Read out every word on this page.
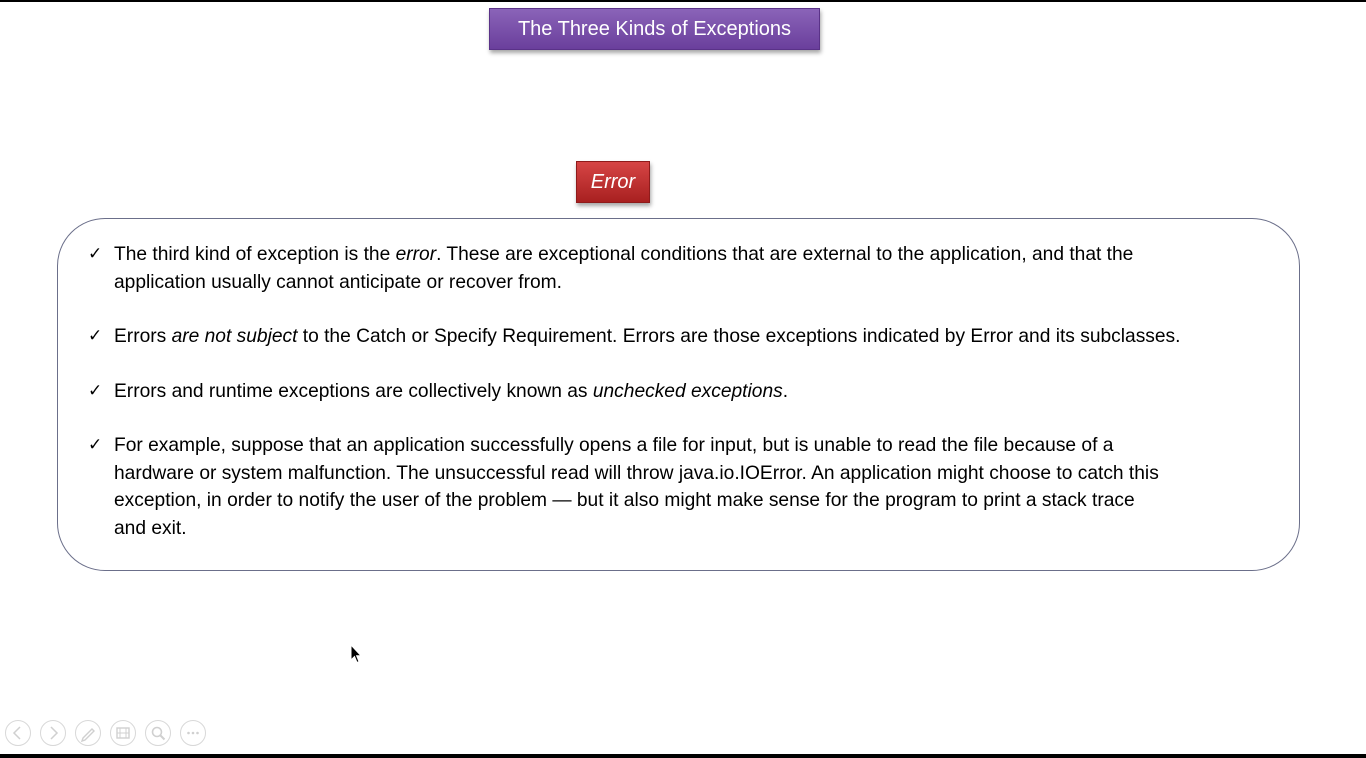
The Three Kinds of Exceptions
Error
✓ The third kind of exception is the error. These are exceptional conditions that are external to the application, and that the
application usually cannot anticipate or recover from.
✓ Errors are not subject to the Catch or Specify Requirement. Errors are those exceptions indicated by Error and its subclasses.
✓ Errors and runtime exceptions are collectively known as unchecked exceptions.
✓ For example, suppose that an application successfully opens a file for input, but is unable to read the file because of a
hardware or system malfunction. The unsuccessful read will throw java.io.IOError. An application might choose to catch this
exception, in order to notify the user of the problem — but it also might make sense for the program to print a stack trace
and exit.
